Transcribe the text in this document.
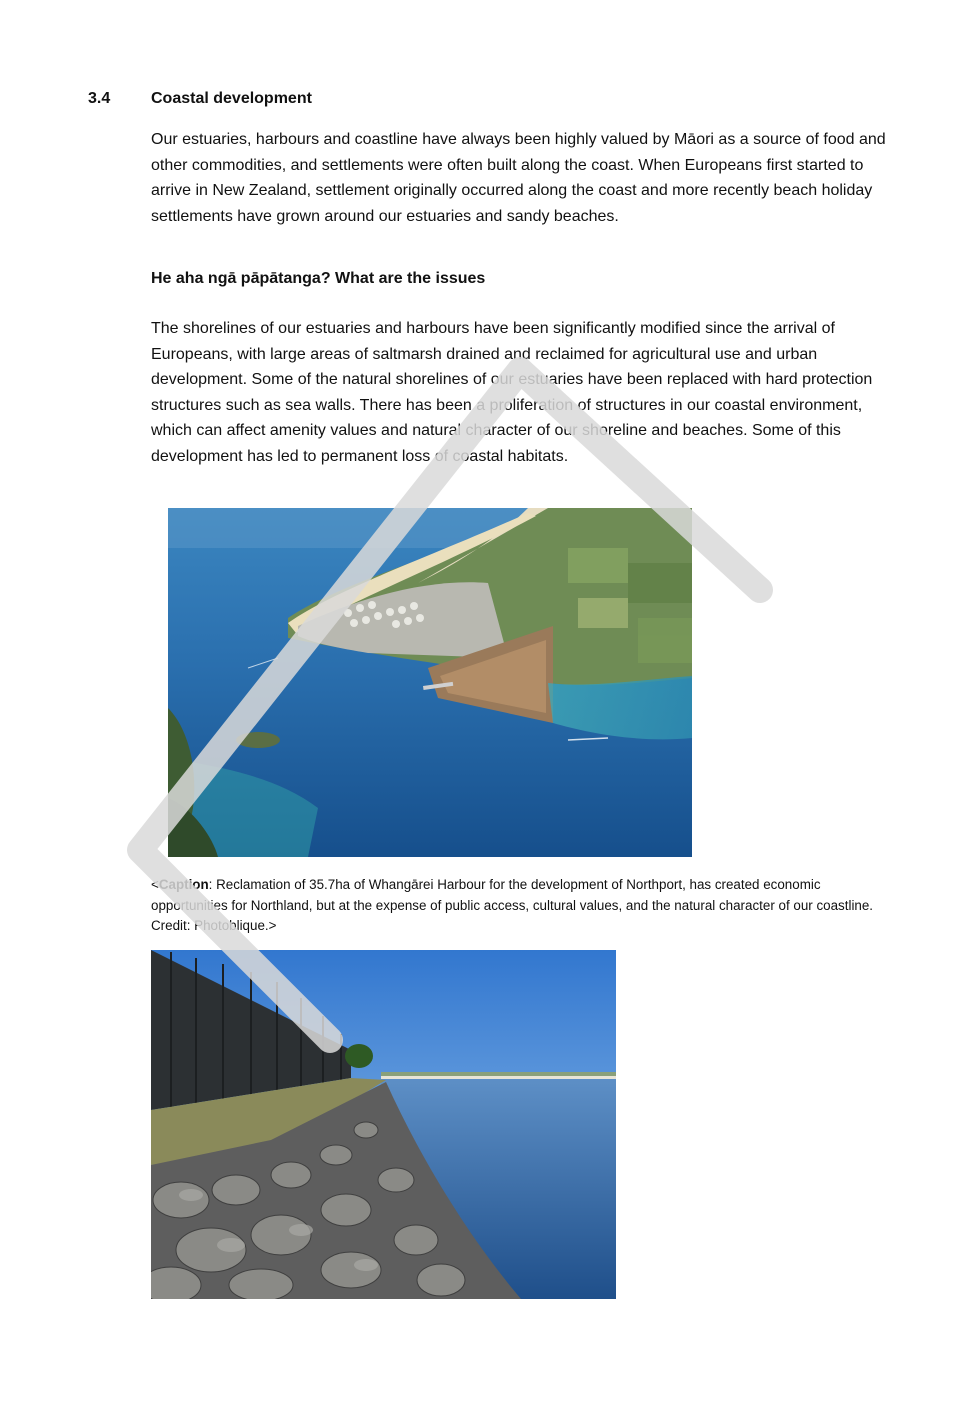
3.4	Coastal development

Our estuaries, harbours and coastline have always been highly valued by Māori as a source of food and other commodities, and settlements were often built along the coast. When Europeans first started to arrive in New Zealand, settlement originally occurred along the coast and more recently beach holiday settlements have grown around our estuaries and sandy beaches.

He aha ngā pāpātanga? What are the issues

The shorelines of our estuaries and harbours have been significantly modified since the arrival of Europeans, with large areas of saltmarsh drained and reclaimed for agricultural use and urban development. Some of the natural shorelines of our estuaries have been replaced with hard protection structures such as sea walls. There has been a proliferation of structures in our coastal environment, which can affect amenity values and natural character of our shoreline and beaches. Some of this development has led to permanent loss of coastal habitats.

<Caption: Reclamation of 35.7ha of Whangārei Harbour for the development of Northport, has created economic opportunities for Northland, but at the expense of public access, cultural values, and the natural character of our coastline. Credit: Photoblique.>
